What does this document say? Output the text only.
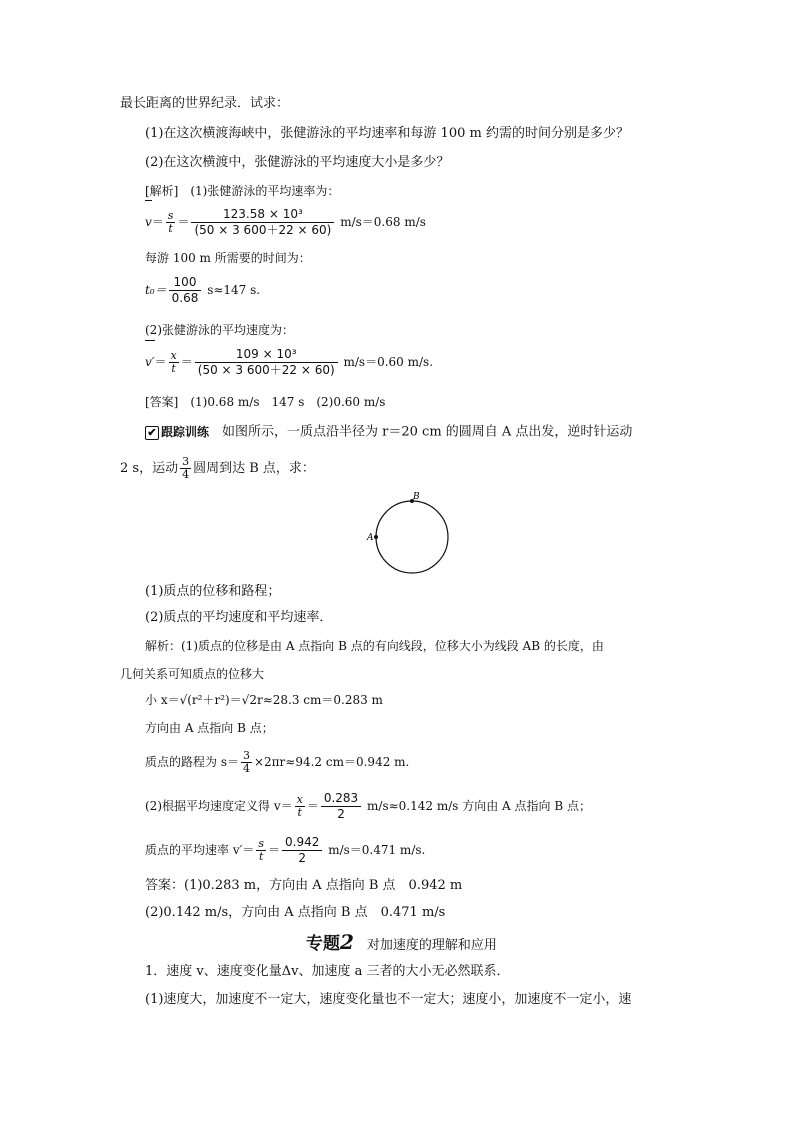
最长距离的世界纪录．试求：
(1)在这次横渡海峡中，张健游泳的平均速率和每游 100 m 约需的时间分别是多少？
(2)在这次横渡中，张健游泳的平均速度大小是多少？
[解析]　(1)张健游泳的平均速率为：
$v= \frac{s}{t} = \frac{\text{123.58 × 10³}}{(50 \times 3 600+22 \times 60)} m/s=0.68$ m/s
每游 100 m 所需要的时间为：
$t_0= \frac{100}{0.68} s\approx 147$ s.
(2)张健游泳的平均速度为：
$v'= \frac{x}{t} = \frac{\text{109 × 10³}}{(50 \times 3 600+22 \times 60)} m/s=0.60$ m/s.
[答案]　(1)0.68 m/s　147 s　(2)0.60 m/s
✔ 跟踪训练　如图所示，一质点沿半径为 r＝20 cm 的圆周自 A 点出发，逆时针运动
2 s，运动 $\frac{3}{4}$ 圆周到达 B 点，求：
B
A
(1)质点的位移和路程；
(2)质点的平均速度和平均速率．
解析：(1)质点的位移是由 A 点指向 B 点的有向线段，位移大小为线段 AB 的长度，由
几何关系可知质点的位移大
小 x＝√(r²＋r²)＝√2r≈28.3 cm＝0.283 m
方向由 A 点指向 B 点；
质点的路程为 $s= \frac{3}{4} \times 2\pi r\approx 94.2$ cm＝0.942 m.
(2)根据平均速度定义得 $v= \frac{x}{t} = \frac{0.283}{2} m/s\approx 0.142$ m/s 方向由 A 点指向 B 点；
质点的平均速率 $v'= \frac{s}{t} = \frac{0.942}{2} m/s=0.471$ m/s.
答案：(1)0.283 m，方向由 A 点指向 B 点　0.942 m
(2)0.142 m/s，方向由 A 点指向 B 点　0.471 m/s
专题2　对加速度的理解和应用
1．速度 v、速度变化量Δv、加速度 a 三者的大小无必然联系．
(1)速度大，加速度不一定大，速度变化量也不一定大；速度小，加速度不一定小，速
